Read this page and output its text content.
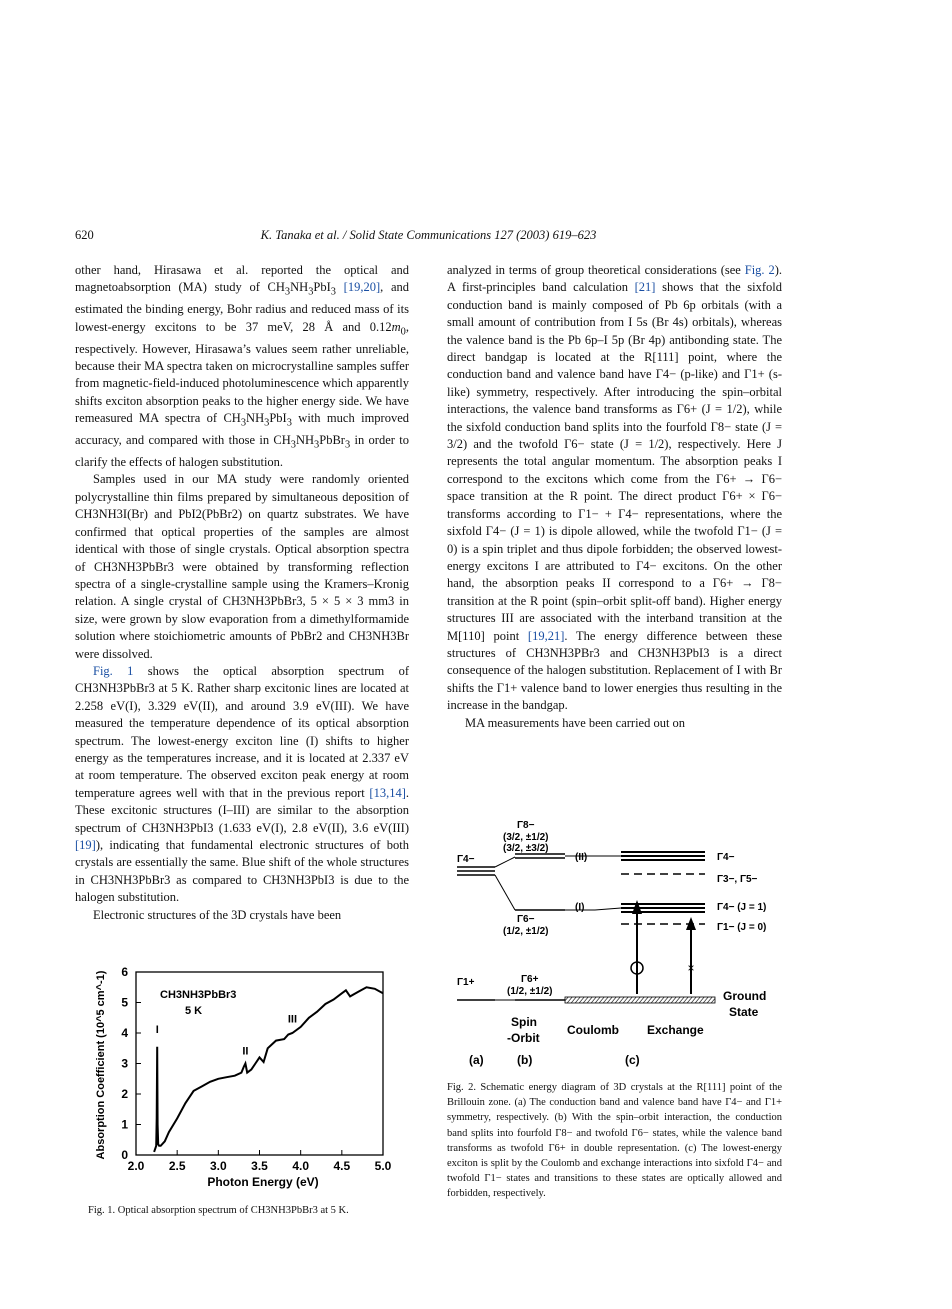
620	K. Tanaka et al. / Solid State Communications 127 (2003) 619–623

other hand, Hirasawa et al. reported the optical and magnetoabsorption (MA) study of $CH_3NH_3PbI_3$ [19,20], and estimated the binding energy, Bohr radius and reduced mass of its lowest-energy excitons to be 37 meV, 28 Å and $0.12m_0$, respectively. However, Hirasawa’s values seem rather unreliable, because their MA spectra taken on microcrystalline samples suffer from magnetic-field-induced photoluminescence which apparently shifts exciton absorption peaks to the higher energy side. We have remeasured MA spectra of $CH_3NH_3PbI_3$ with much improved accuracy, and compared with those in $CH_3NH_3PbBr_3$ in order to clarify the effects of halogen substitution.

Samples used in our MA study were randomly oriented polycrystalline thin films prepared by simultaneous deposition of CH3NH3I(Br) and PbI2(PbBr2) on quartz substrates. We have confirmed that optical properties of the samples are almost identical with those of single crystals. Optical absorption spectra of CH3NH3PbBr3 were obtained by transforming reflection spectra of a single-crystalline sample using the Kramers–Kronig relation. A single crystal of CH3NH3PbBr3, 5 × 5 × 3 mm3 in size, were grown by slow evaporation from a dimethylformamide solution where stoichiometric amounts of PbBr2 and CH3NH3Br were dissolved.

Fig. 1 shows the optical absorption spectrum of CH3NH3PbBr3 at 5 K. Rather sharp excitonic lines are located at 2.258 eV(I), 3.329 eV(II), and around 3.9 eV(III). We have measured the temperature dependence of its optical absorption spectrum. The lowest-energy exciton line (I) shifts to higher energy as the temperatures increase, and it is located at 2.337 eV at room temperature. The observed exciton peak energy at room temperature agrees well with that in the previous report [13,14]. These excitonic structures (I–III) are similar to the absorption spectrum of CH3NH3PbI3 (1.633 eV(I), 2.8 eV(II), 3.6 eV(III) [19]), indicating that fundamental electronic structures of both crystals are essentially the same. Blue shift of the whole structures in CH3NH3PbBr3 as compared to CH3NH3PbI3 is due to the halogen substitution.

Electronic structures of the 3D crystals have been

analyzed in terms of group theoretical considerations (see Fig. 2). A first-principles band calculation [21] shows that the sixfold conduction band is mainly composed of Pb 6p orbitals (with a small amount of contribution from I 5s (Br 4s) orbitals), whereas the valence band is the Pb 6p–I 5p (Br 4p) antibonding state. The direct bandgap is located at the R[111] point, where the conduction band and valence band have Γ4− (p-like) and Γ1+ (s-like) symmetry, respectively. After introducing the spin–orbital interactions, the valence band transforms as Γ6+ (J = 1/2), while the sixfold conduction band splits into the fourfold Γ8− state (J = 3/2) and the twofold Γ6− state (J = 1/2), respectively. Here J represents the total angular momentum. The absorption peaks I correspond to the excitons which come from the Γ6+ → Γ6− space transition at the R point. The direct product Γ6+ × Γ6− transforms according to Γ1− + Γ4− representations, where the sixfold Γ4− (J = 1) is dipole allowed, while the twofold Γ1− (J = 0) is a spin triplet and thus dipole forbidden; the observed lowest-energy excitons I are attributed to Γ4− excitons. On the other hand, the absorption peaks II correspond to a Γ6+ → Γ8− transition at the R point (spin–orbit split-off band). Higher energy structures III are associated with the interband transition at the M[110] point [19,21]. The energy difference between these structures of CH3NH3PBr3 and CH3NH3PbI3 is a direct consequence of the halogen substitution. Replacement of I with Br shifts the Γ1+ valence band to lower energies thus resulting in the increase in the bandgap.

MA measurements have been carried out on

2.0 2.5 3.0 3.5 4.0 4.5 5.0
0
1
2
3
4
5
6
CH3NH3PbBr3
5 K
I
II
III
Photon Energy (eV)
Absorption Coefficient (10^5 cm^-1)
Fig. 1. Optical absorption spectrum of CH3NH3PbBr3 at 5 K.
×
Γ8−
(3/2, ±1/2)
(3/2, ±3/2)
Γ4−
Γ6−
(1/2, ±1/2)
Γ1+	Γ6+
(1/2, ±1/2)
(II)
(I)
Γ4−
Γ3−, Γ5−
Γ4− (J = 1)
Γ1− (J = 0)
Ground
State
Spin
-Orbit
Coulomb Exchange
(a)	(b)	(c)
Fig. 2. Schematic energy diagram of 3D crystals at the R[111] point of the Brillouin zone. (a) The conduction band and valence band have Γ4− and Γ1+ symmetry, respectively. (b) With the spin–orbit interaction, the conduction band splits into fourfold Γ8− and twofold Γ6− states, while the valence band transforms as twofold Γ6+ in double representation. (c) The lowest-energy exciton is split by the Coulomb and exchange interactions into sixfold Γ4− and twofold Γ1− states and transitions to these states are optically allowed and forbidden, respectively.
